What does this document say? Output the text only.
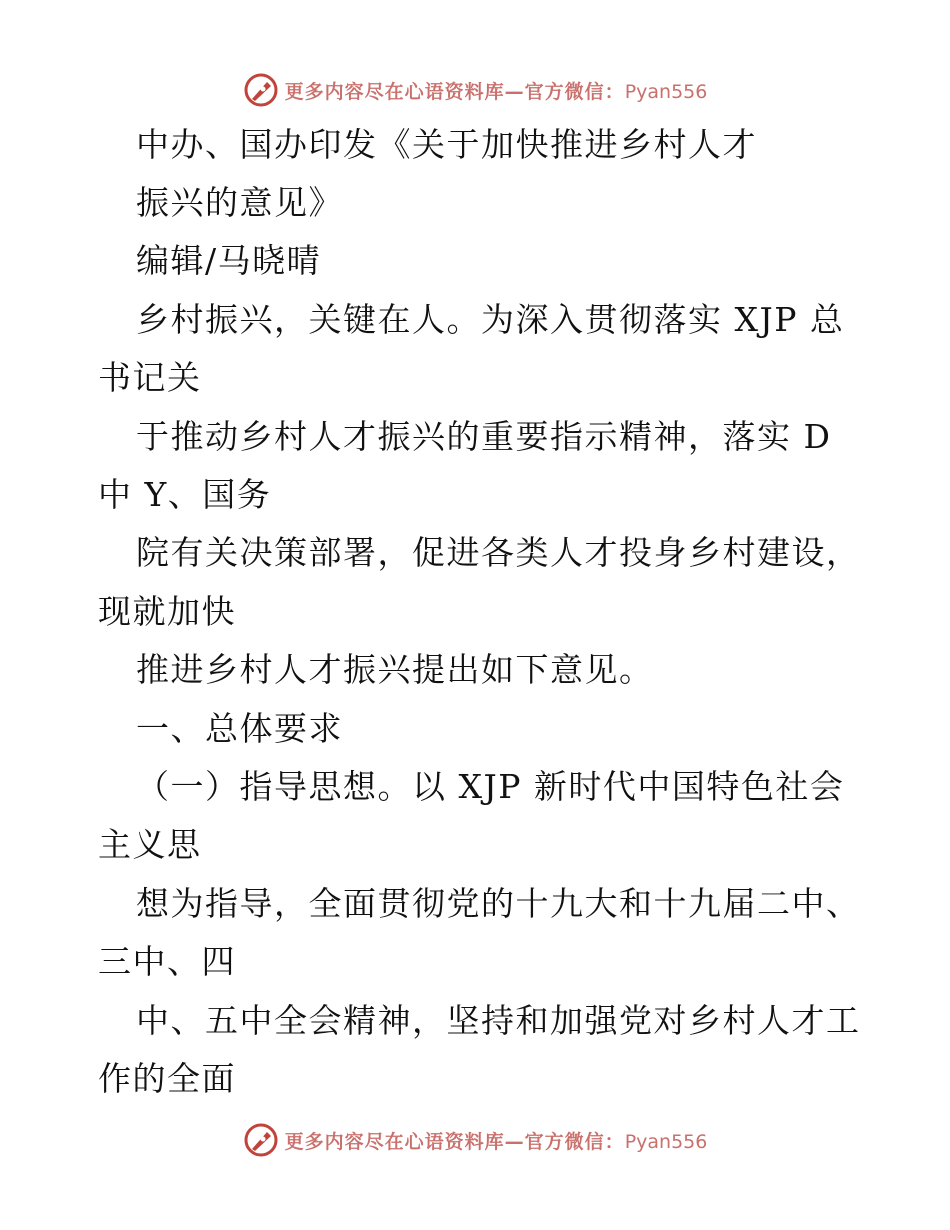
更多内容尽在心语资料库—官方微信：Pyan556
中办、国办印发《关于加快推进乡村人才
振兴的意见》
编辑/马晓晴
乡村振兴，关键在人。为深入贯彻落实 XJP 总
书记关
于推动乡村人才振兴的重要指示精神，落实 D
中 Y、国务
院有关决策部署，促进各类人才投身乡村建设，
现就加快
推进乡村人才振兴提出如下意见。
一、总体要求
（一）指导思想。以 XJP 新时代中国特色社会
主义思
想为指导，全面贯彻党的十九大和十九届二中、
三中、四
中、五中全会精神，坚持和加强党对乡村人才工
作的全面
更多内容尽在心语资料库—官方微信：Pyan556
